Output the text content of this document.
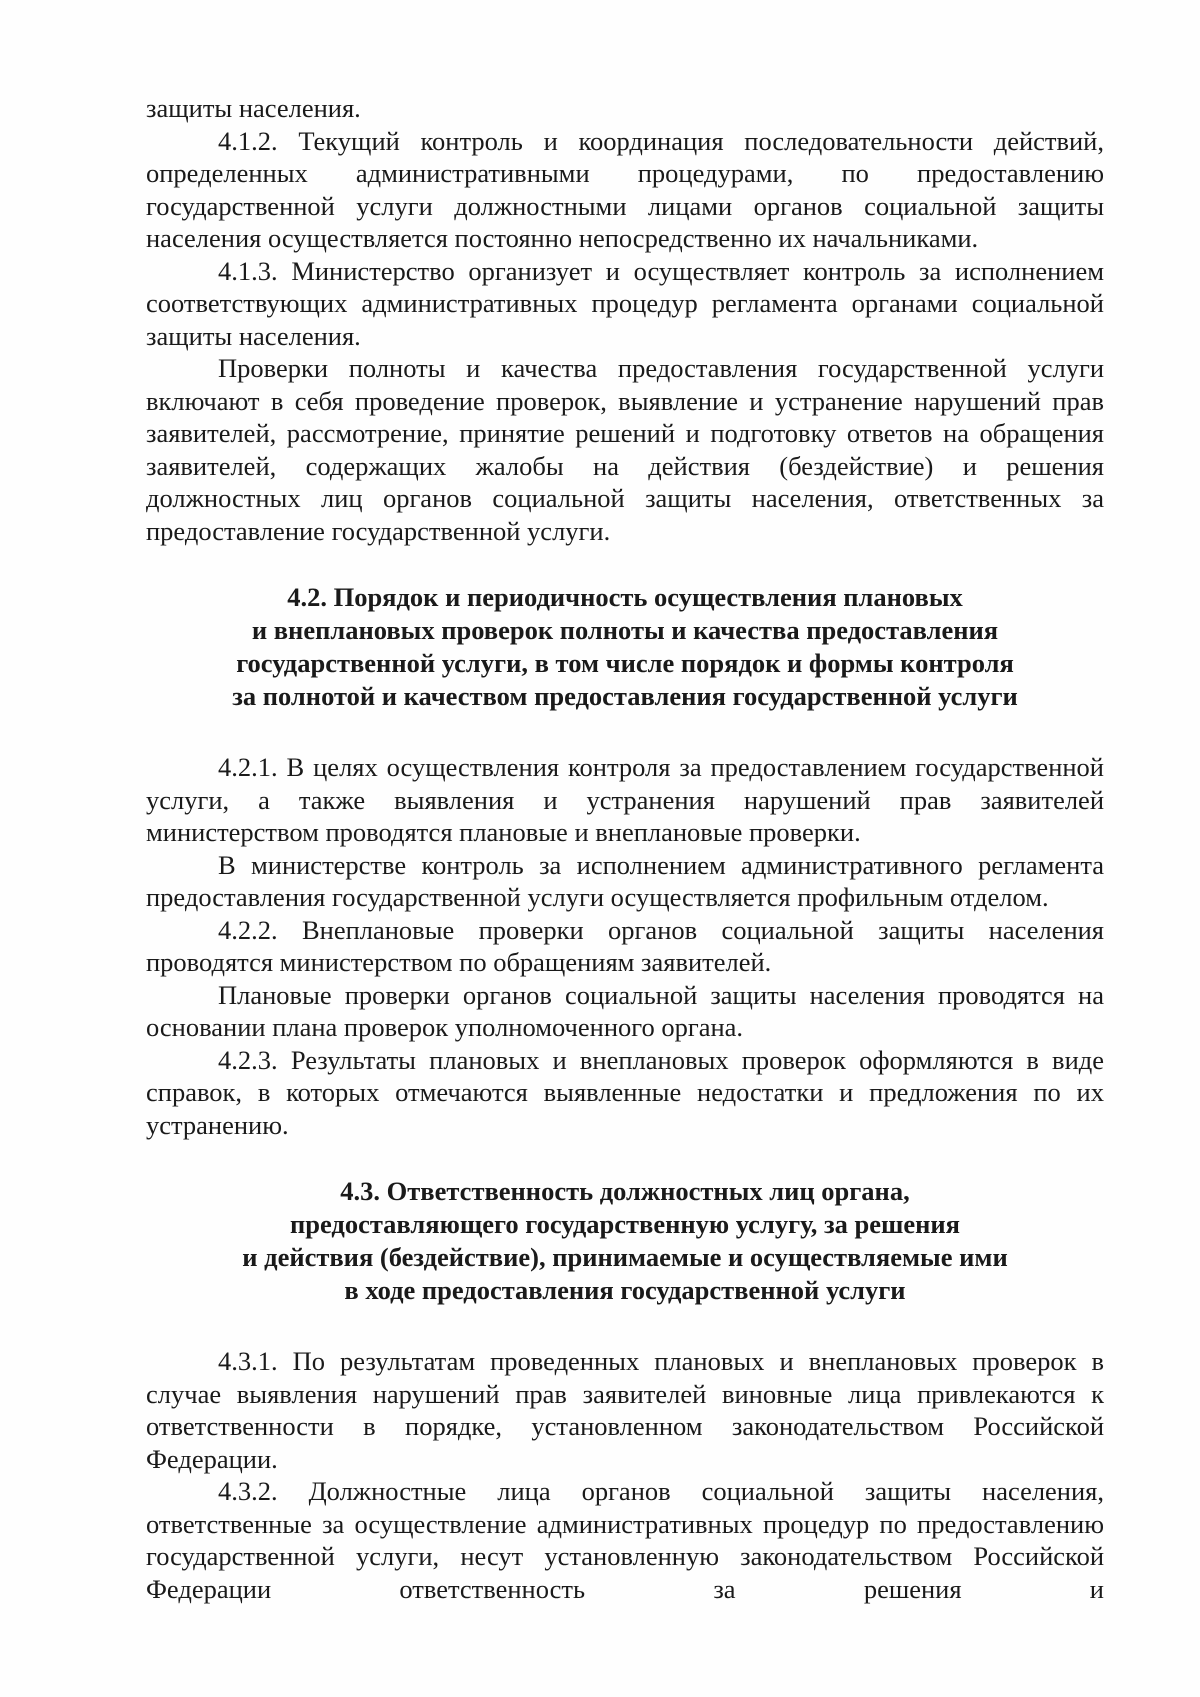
защиты населения.

4.1.2. Текущий контроль и координация последовательности действий, определенных административными процедурами, по предоставлению государственной услуги должностными лицами органов социальной защиты населения осуществляется постоянно непосредственно их начальниками.

4.1.3. Министерство организует и осуществляет контроль за исполнением соответствующих административных процедур регламента органами социальной защиты населения.

Проверки полноты и качества предоставления государственной услуги включают в себя проведение проверок, выявление и устранение нарушений прав заявителей, рассмотрение, принятие решений и подготовку ответов на обращения заявителей, содержащих жалобы на действия (бездействие) и решения должностных лиц органов социальной защиты населения, ответственных за предоставление государственной услуги.

4.2. Порядок и периодичность осуществления плановых
и внеплановых проверок полноты и качества предоставления
государственной услуги, в том числе порядок и формы контроля
за полнотой и качеством предоставления государственной услуги

4.2.1. В целях осуществления контроля за предоставлением государственной услуги, а также выявления и устранения нарушений прав заявителей министерством проводятся плановые и внеплановые проверки.

В министерстве контроль за исполнением административного регламента предоставления государственной услуги осуществляется профильным отделом.

4.2.2. Внеплановые проверки органов социальной защиты населения проводятся министерством по обращениям заявителей.

Плановые проверки органов социальной защиты населения проводятся на основании плана проверок уполномоченного органа.

4.2.3. Результаты плановых и внеплановых проверок оформляются в виде справок, в которых отмечаются выявленные недостатки и предложения по их устранению.

4.3. Ответственность должностных лиц органа,
предоставляющего государственную услугу, за решения
и действия (бездействие), принимаемые и осуществляемые ими
в ходе предоставления государственной услуги

4.3.1. По результатам проведенных плановых и внеплановых проверок в случае выявления нарушений прав заявителей виновные лица привлекаются к ответственности в порядке, установленном законодательством Российской Федерации.

4.3.2. Должностные лица органов социальной защиты населения, ответственные за осуществление административных процедур по предоставлению государственной услуги, несут установленную законодательством Российской Федерации ответственность за решения и
